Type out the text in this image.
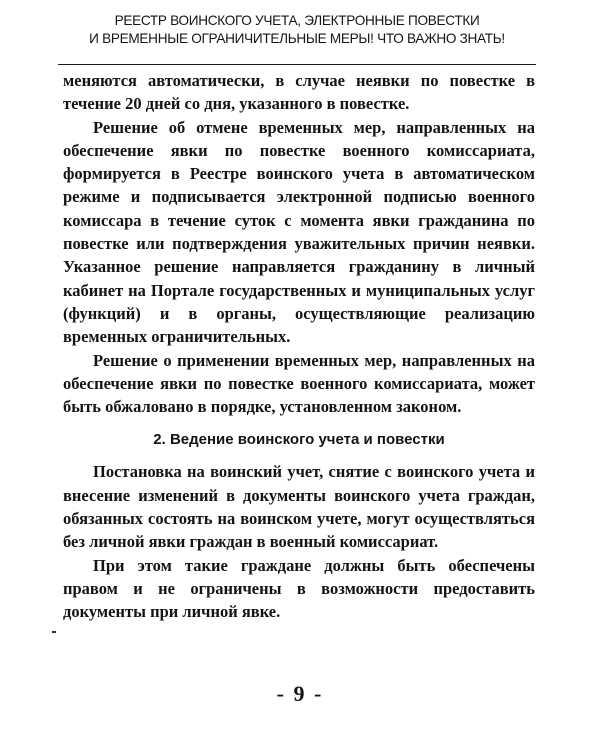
РЕЕСТР ВОИНСКОГО УЧЕТА, ЭЛЕКТРОННЫЕ ПОВЕСТКИ
И ВРЕМЕННЫЕ ОГРАНИЧИТЕЛЬНЫЕ МЕРЫ! ЧТО ВАЖНО ЗНАТЬ!

меняются автоматически, в случае неявки по повестке в течение 20 дней со дня, указанного в повестке.

Решение об отмене временных мер, направленных на обеспечение явки по повестке военного комиссариата, формируется в Реестре воинского учета в автоматическом режиме и подписывается электронной подписью военного комиссара в течение суток с момента явки гражданина по повестке или подтверждения уважительных причин неявки. Указанное решение направляется гражданину в личный кабинет на Портале государственных и муниципальных услуг (функций) и в органы, осуществляющие реализацию временных ограничительных.

Решение о применении временных мер, направленных на обеспечение явки по повестке военного комиссариата, может быть обжаловано в порядке, установленном законом.

2. Ведение воинского учета и повестки

Постановка на воинский учет, снятие с воинского учета и внесение изменений в документы воинского учета граждан, обязанных состоять на воинском учете, могут осуществляться без личной явки граждан в военный комиссариат.

При этом такие граждане должны быть обеспечены правом и не ограничены в возможности предоставить документы при личной явке.

- 9 -
